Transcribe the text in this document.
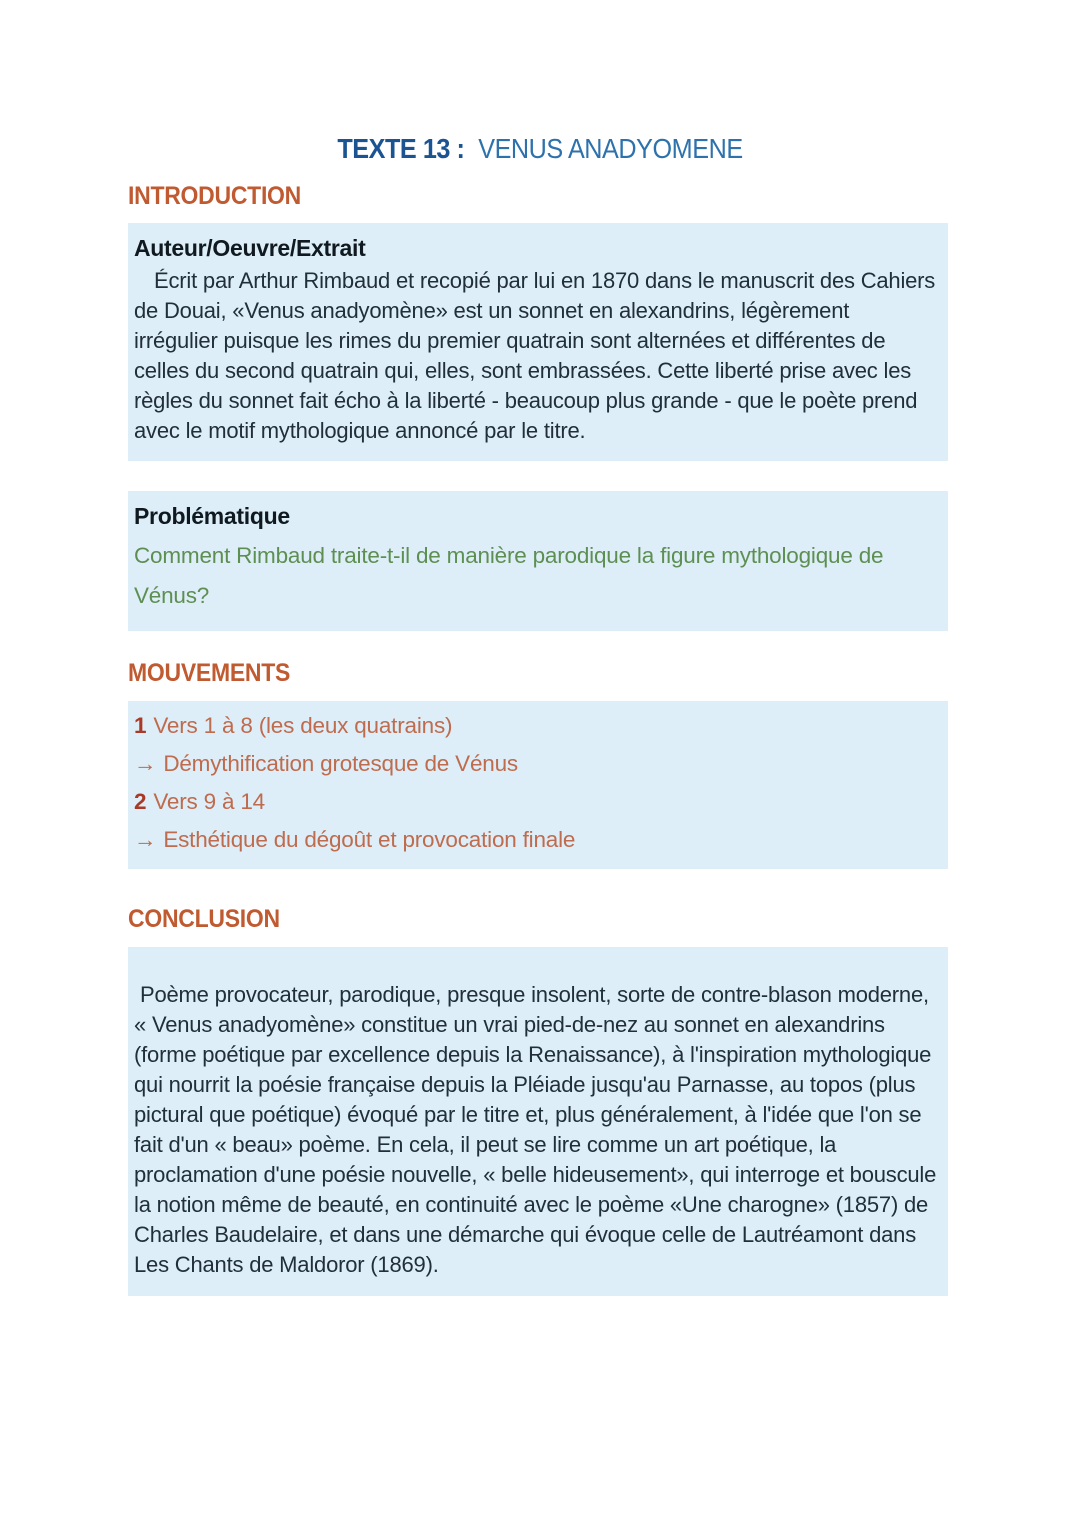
TEXTE 13 : VENUS ANADYOMENE
INTRODUCTION
Auteur/Oeuvre/Extrait

Écrit par Arthur Rimbaud et recopié par lui en 1870 dans le manuscrit des Cahiers de Douai, «Venus anadyomène» est un sonnet en alexandrins, légèrement irrégulier puisque les rimes du premier quatrain sont alternées et différentes de celles du second quatrain qui, elles, sont embrassées. Cette liberté prise avec les règles du sonnet fait écho à la liberté - beaucoup plus grande - que le poète prend avec le motif mythologique annoncé par le titre.

Problématique

Comment Rimbaud traite-t-il de manière parodique la figure mythologique de Vénus?

MOUVEMENTS
1 Vers 1 à 8 (les deux quatrains)
→ Démythification grotesque de Vénus
2 Vers 9 à 14
→ Esthétique du dégoût et provocation finale
CONCLUSION

Poème provocateur, parodique, presque insolent, sorte de contre-blason moderne, « Venus anadyomène» constitue un vrai pied-de-nez au sonnet en alexandrins (forme poétique par excellence depuis la Renaissance), à l'inspiration mythologique qui nourrit la poésie française depuis la Pléiade jusqu'au Parnasse, au topos (plus pictural que poétique) évoqué par le titre et, plus généralement, à l'idée que l'on se fait d'un « beau» poème. En cela, il peut se lire comme un art poétique, la proclamation d'une poésie nouvelle, « belle hideusement», qui interroge et bouscule la notion même de beauté, en continuité avec le poème «Une charogne» (1857) de Charles Baudelaire, et dans une démarche qui évoque celle de Lautréamont dans Les Chants de Maldoror (1869).
